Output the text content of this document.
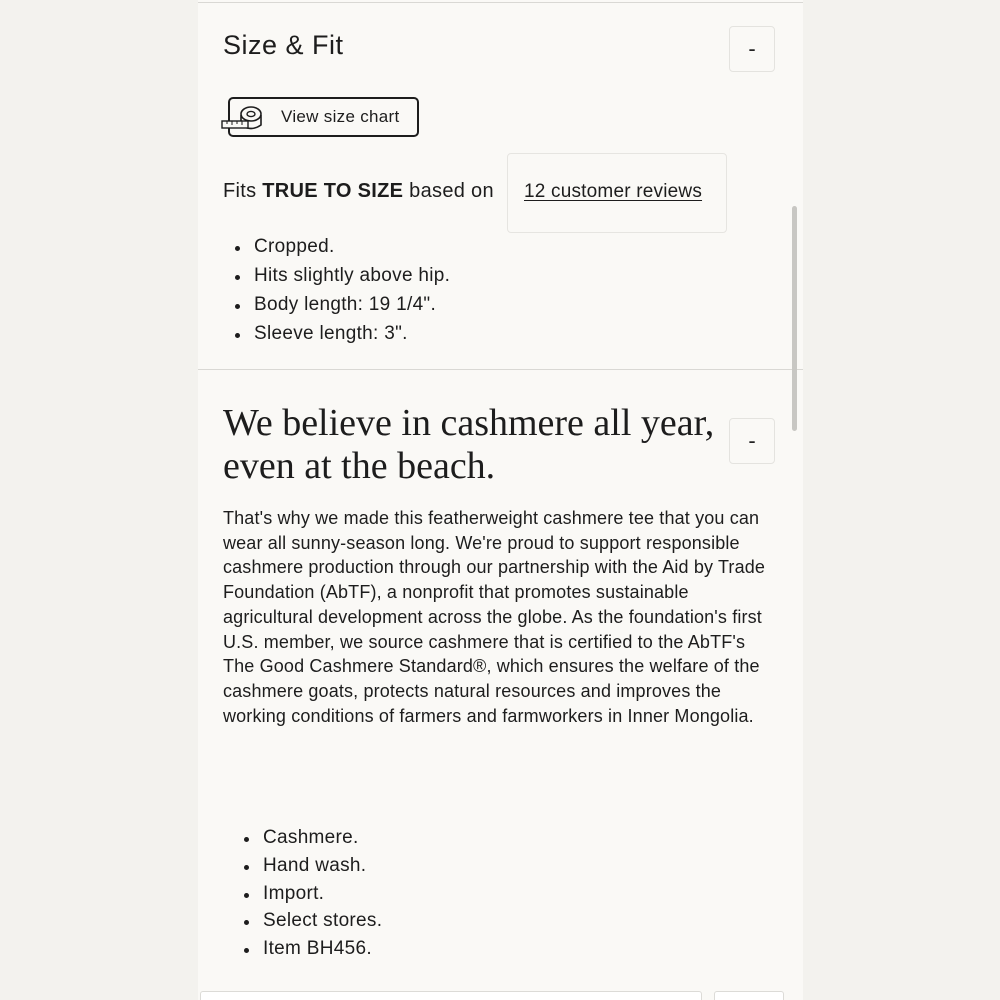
Size & Fit	-
View size chart
Fits TRUE TO SIZE based on 12 customer reviews
Cropped.
Hits slightly above hip.
Body length: 19 1/4".
Sleeve length: 3".
We believe in cashmere all year, even at the beach.
-

That's why we made this featherweight cashmere tee that you can wear all sunny-season long. We're proud to support responsible cashmere production through our partnership with the Aid by Trade Foundation (AbTF), a nonprofit that promotes sustainable agricultural development across the globe. As the foundation's first U.S. member, we source cashmere that is certified to the AbTF's The Good Cashmere Standard®, which ensures the welfare of the cashmere goats, protects natural resources and improves the working conditions of farmers and farmworkers in Inner Mongolia.

Cashmere.
Hand wash.
Import.
Select stores.
Item BH456.
